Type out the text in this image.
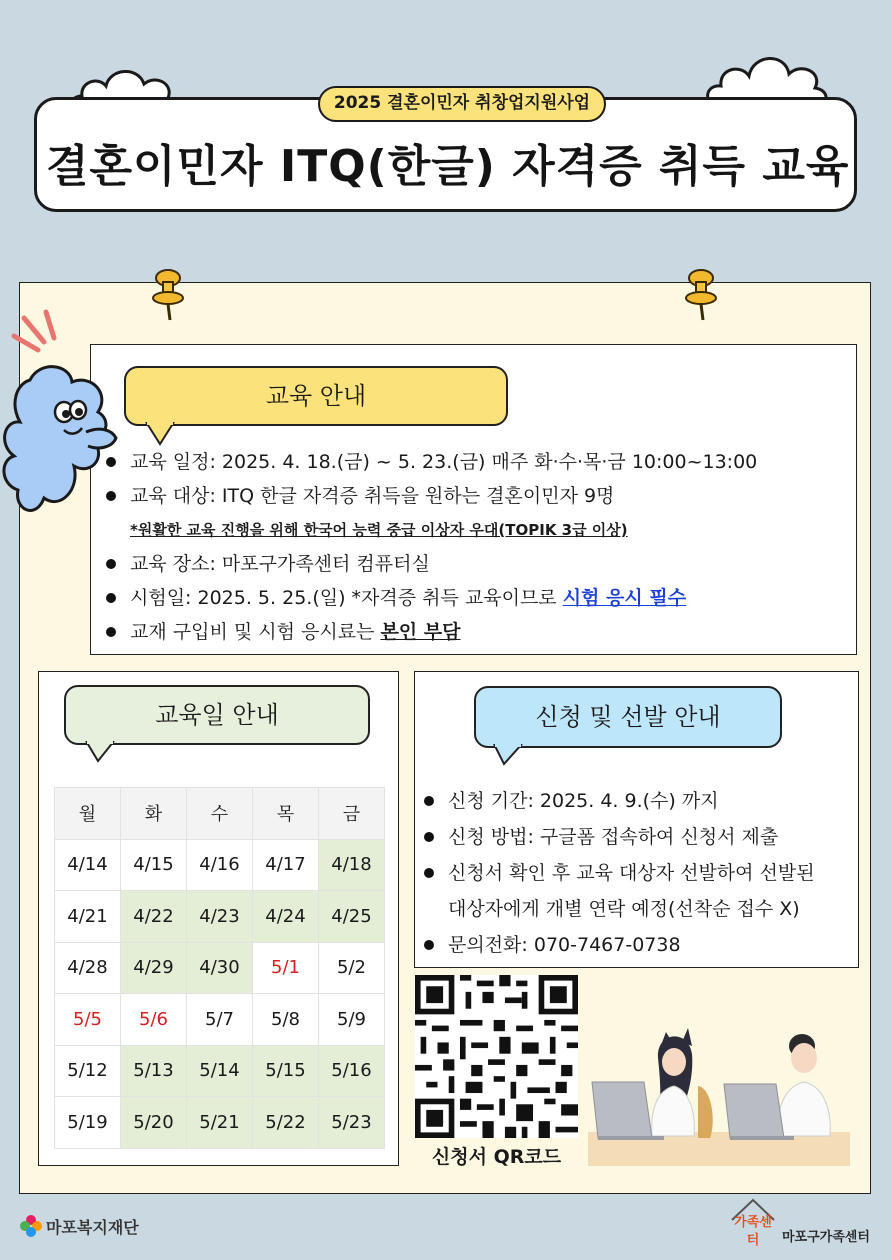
2025 결혼이민자 취창업지원사업
결혼이민자 ITQ(한글) 자격증 취득 교육
교육 안내
교육 일정: 2025. 4. 18.(금) ~ 5. 23.(금) 매주 화·수·목·금 10:00~13:00
교육 대상: ITQ 한글 자격증 취득을 원하는 결혼이민자 9명
*원활한 교육 진행을 위해 한국어 능력 중급 이상자 우대(TOPIK 3급 이상)
교육 장소: 마포구가족센터 컴퓨터실
시험일: 2025. 5. 25.(일) *자격증 취득 교육이므로 시험 응시 필수
교재 구입비 및 시험 응시료는 본인 부담
교육일 안내
월	화	수	목	금
4/14	4/15	4/16	4/17	4/18
4/21	4/22	4/23	4/24	4/25
4/28	4/29	4/30	5/1	5/2
5/5	5/6	5/7	5/8	5/9
5/12	5/13	5/14	5/15	5/16
5/19	5/20	5/21	5/22	5/23
신청 및 선발 안내
신청 기간: 2025. 4. 9.(수) 까지
신청 방법: 구글폼 접속하여 신청서 제출
신청서 확인 후 교육 대상자 선발하여 선발된
대상자에게 개별 연락 예정(선착순 접수 X)
문의전화: 070-7467-0738
신청서 QR코드
마포복지재단	가족센터	마포구가족센터
